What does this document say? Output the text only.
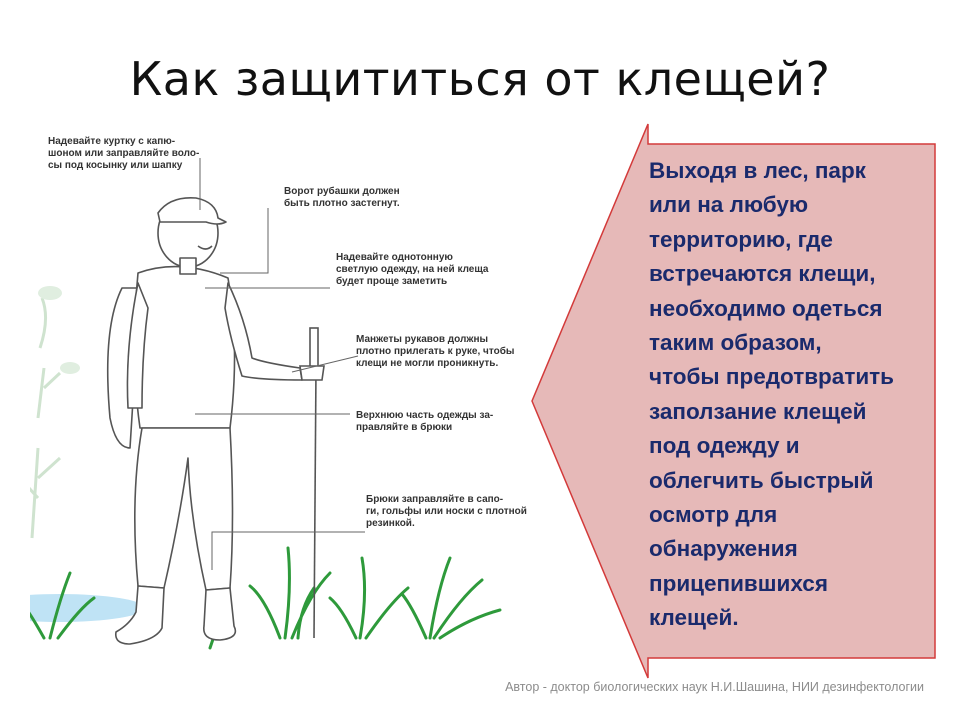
Как защититься от клещей?
Надевайте куртку с капю-
шоном или заправляйте воло-
сы под косынку или шапку
Ворот рубашки должен
быть плотно застегнут.
Надевайте однотонную
светлую одежду, на ней клеща
будет проще заметить
Манжеты рукавов должны
плотно прилегать к руке, чтобы
клещи не могли проникнуть.
Верхнюю часть одежды за-
правляйте в брюки
Брюки заправляйте в сапо-
ги, гольфы или носки с плотной
резинкой.
Выходя в лес, парк
или на любую
территорию, где
встречаются клещи,
необходимо одеться
таким образом,
чтобы предотвратить
заползание клещей
под одежду и
облегчить быстрый
осмотр для
обнаружения
прицепившихся
клещей.
Автор - доктор биологических наук Н.И.Шашина, НИИ дезинфектологии
